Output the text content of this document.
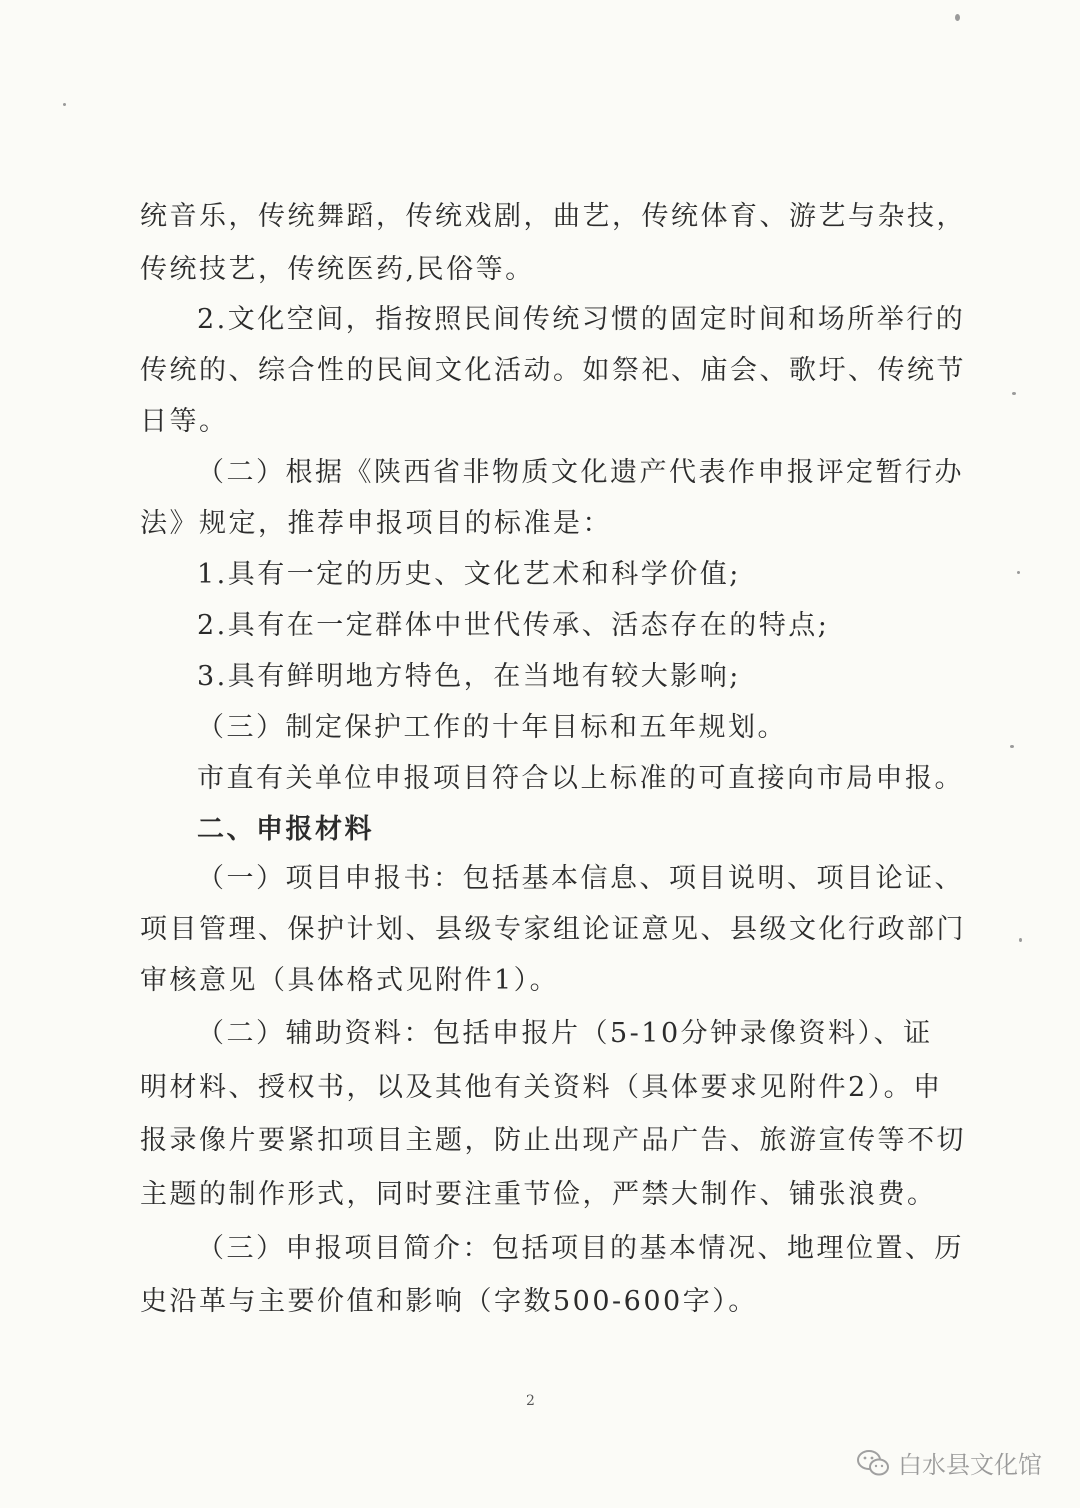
统音乐，传统舞蹈，传统戏剧，曲艺，传统体育、游艺与杂技，
传统技艺，传统医药,民俗等。
2.文化空间，指按照民间传统习惯的固定时间和场所举行的
传统的、综合性的民间文化活动。如祭祀、庙会、歌圩、传统节
日等。
（二）根据《陕西省非物质文化遗产代表作申报评定暂行办
法》规定，推荐申报项目的标准是：
1.具有一定的历史、文化艺术和科学价值;
2.具有在一定群体中世代传承、活态存在的特点;
3.具有鲜明地方特色，在当地有较大影响;
（三）制定保护工作的十年目标和五年规划。
市直有关单位申报项目符合以上标准的可直接向市局申报。
二、申报材料
（一）项目申报书：包括基本信息、项目说明、项目论证、
项目管理、保护计划、县级专家组论证意见、县级文化行政部门
审核意见（具体格式见附件1）。
（二）辅助资料：包括申报片（5-10分钟录像资料）、证
明材料、授权书，以及其他有关资料（具体要求见附件2）。申
报录像片要紧扣项目主题，防止出现产品广告、旅游宣传等不切
主题的制作形式，同时要注重节俭，严禁大制作、铺张浪费。
（三）申报项目简介：包括项目的基本情况、地理位置、历
史沿革与主要价值和影响（字数500-600字）。
2
白水县文化馆
